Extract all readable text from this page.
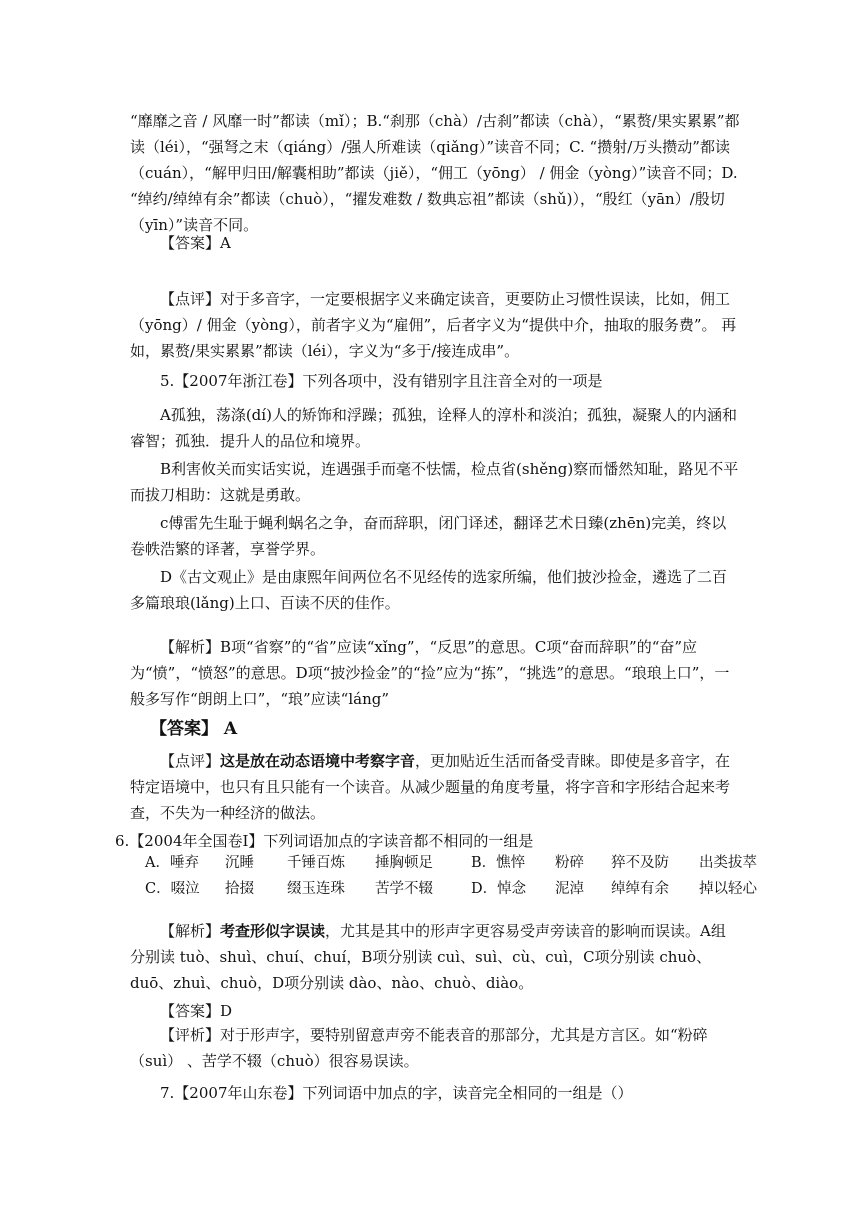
“靡靡之音 / 风靡一时”都读（mǐ）；B.“刹那（chà）/古刹”都读（chà），“累赘/果实累累”都读（léi），“强弩之末（qiáng）/强人所难读（qiǎng）”读音不同；C. “攒射/万头攒动”都读（cuán），“解甲归田/解囊相助”都读（jiě），“佣工（yōng） / 佣金（yòng）”读音不同；D. “绰约/绰绰有余”都读（chuò），“擢发难数 / 数典忘祖”都读（shǔ)），“殷红（yān）/殷切（yīn）”读音不同。

【答案】A

【点评】对于多音字，一定要根据字义来确定读音，更要防止习惯性误读，比如，佣工（yōng）/ 佣金（yòng），前者字义为“雇佣”，后者字义为“提供中介，抽取的服务费”。 再如，累赘/果实累累”都读（léi），字义为“多于/接连成串”。

5.【2007年浙江卷】下列各项中，没有错别字且注音全对的一项是

A孤独，荡涤(dí)人的矫饰和浮躁；孤独，诠释人的淳朴和淡泊；孤独，凝聚人的内涵和睿智；孤独．提升人的品位和境界。

B利害攸关而实话实说，连遇强手而毫不怯懦，检点省(shěng)察而憣然知耻，路见不平而拔刀相助：这就是勇敢。

c傅雷先生耻于蝇利蜗名之争，奋而辞职，闭门译述，翻译艺术日臻(zhēn)完美，终以卷帙浩繁的译著，享誉学界。

D《古文观止》是由康熙年间两位名不见经传的选家所编，他们披沙捡金，遴选了二百多篇琅琅(lǎng)上口、百读不厌的佳作。

【解析】B项“省察”的“省”应读“xǐng”，“反思”的意思。C项“奋而辞职”的“奋”应为“愤”，“愤怒”的意思。D项“披沙捡金”的“捡”应为“拣”，“挑选”的意思。“琅琅上口”，一般多写作“朗朗上口”，“琅”应读“láng”

【答案】 A

【点评】这是放在动态语境中考察字音，更加贴近生活而备受青睐。即使是多音字，在特定语境中，也只有且只能有一个读音。从减少题量的角度考量，将字音和字形结合起来考查，不失为一种经济的做法。

6.【2004年全国卷Ⅰ】下列词语加点的字读音都不相同的一组是

A．唾弃 沉睡 千锤百炼 捶胸顿足	B．憔悴 粉碎 猝不及防 出类拔萃
C．啜泣 拾掇 缀玉连珠 苦学不辍	D．悼念 泥淖 绰绰有余 掉以轻心

【解析】考查形似字误读，尤其是其中的形声字更容易受声旁读音的影响而误读。A组分别读 tuò、shuì、chuí、chuí，B项分别读 cuì、suì、cù、cuì，C项分别读 chuò、duō、zhuì、chuò，D项分别读 dào、nào、chuò、diào。

【答案】D

【评析】对于形声字，要特别留意声旁不能表音的那部分，尤其是方言区。如“粉碎（suì） 、苦学不辍（chuò）很容易误读。

7.【2007年山东卷】下列词语中加点的字，读音完全相同的一组是（）
